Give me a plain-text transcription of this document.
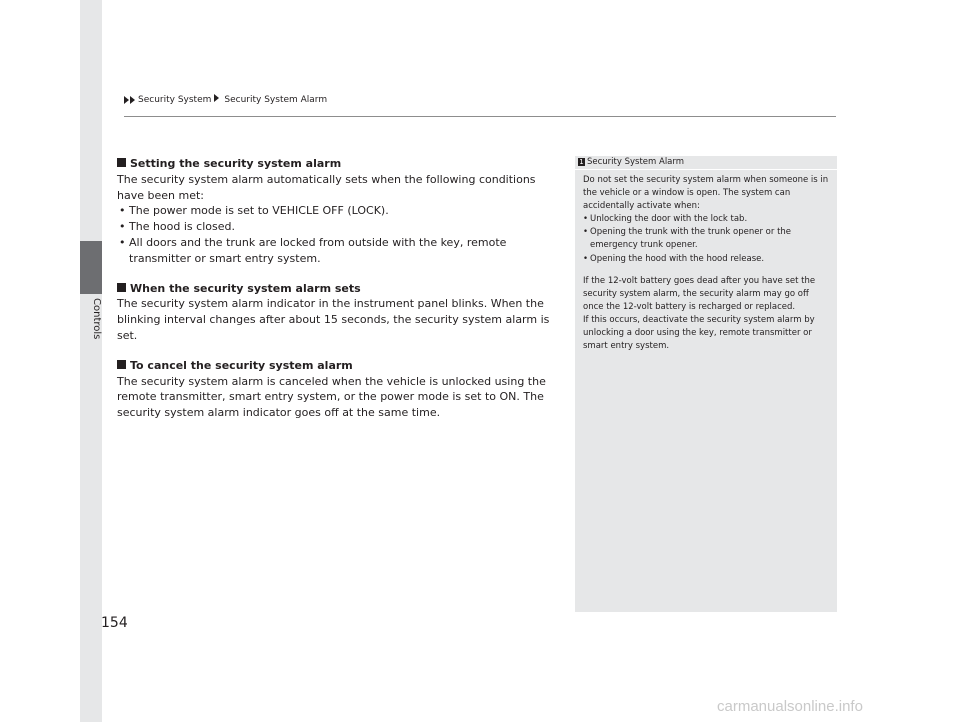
Controls
Security System Security System Alarm
Setting the security system alarm

The security system alarm automatically sets when the following conditions have been met:

• The power mode is set to VEHICLE OFF (LOCK).
• The hood is closed.
• All doors and the trunk are locked from outside with the key, remote transmitter or smart entry system.
When the security system alarm sets

The security system alarm indicator in the instrument panel blinks. When the blinking interval changes after about 15 seconds, the security system alarm is set.

To cancel the security system alarm

The security system alarm is canceled when the vehicle is unlocked using the remote transmitter, smart entry system, or the power mode is set to ON. The security system alarm indicator goes off at the same time.

1 Security System Alarm

Do not set the security system alarm when someone is in the vehicle or a window is open. The system can accidentally activate when:

• Unlocking the door with the lock tab.
• Opening the trunk with the trunk opener or the emergency trunk opener.
• Opening the hood with the hood release.

If the 12-volt battery goes dead after you have set the security system alarm, the security alarm may go off once the 12-volt battery is recharged or replaced.

If this occurs, deactivate the security system alarm by unlocking a door using the key, remote transmitter or smart entry system.

154
carmanualsonline.info
